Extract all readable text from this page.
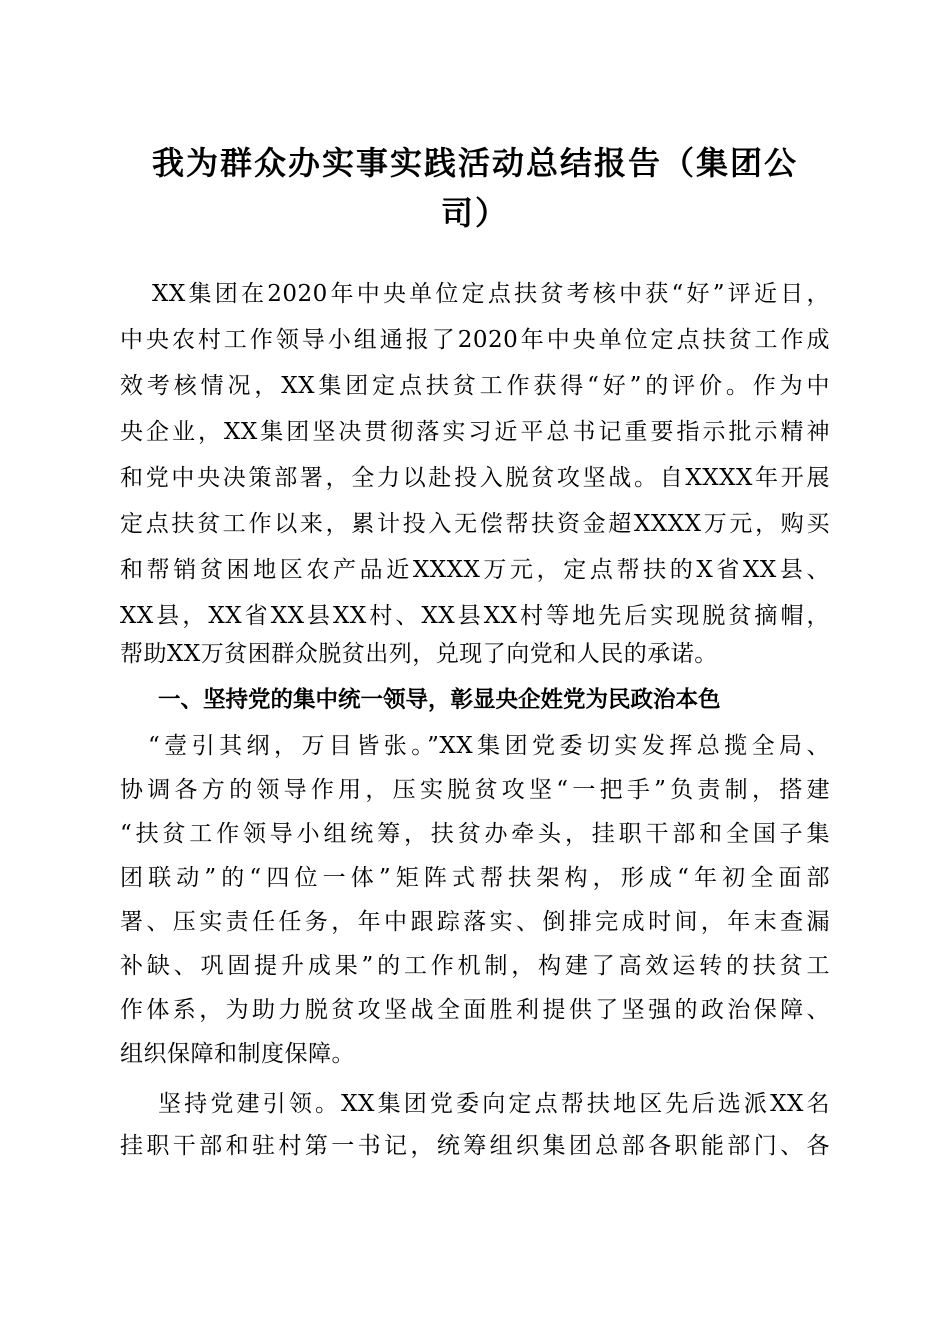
我为群众办实事实践活动总结报告（集团公
司）
XX集团在2020年中央单位定点扶贫考核中获“好”评近日，
中央农村工作领导小组通报了2020年中央单位定点扶贫工作成
效考核情况，XX集团定点扶贫工作获得“好”的评价。作为中
央企业，XX集团坚决贯彻落实习近平总书记重要指示批示精神
和党中央决策部署，全力以赴投入脱贫攻坚战。自XXXX年开展
定点扶贫工作以来，累计投入无偿帮扶资金超XXXX万元，购买
和帮销贫困地区农产品近XXXX万元，定点帮扶的X省XX县、
XX县，XX省XX县XX村、XX县XX村等地先后实现脱贫摘帽，
帮助XX万贫困群众脱贫出列，兑现了向党和人民的承诺。
一、坚持党的集中统一领导，彰显央企姓党为民政治本色
“壹引其纲，万目皆张。”XX集团党委切实发挥总揽全局、
协调各方的领导作用，压实脱贫攻坚“一把手”负责制，搭建
“扶贫工作领导小组统筹，扶贫办牵头，挂职干部和全国子集
团联动”的“四位一体”矩阵式帮扶架构，形成“年初全面部
署、压实责任任务，年中跟踪落实、倒排完成时间，年末查漏
补缺、巩固提升成果”的工作机制，构建了高效运转的扶贫工
作体系，为助力脱贫攻坚战全面胜利提供了坚强的政治保障、
组织保障和制度保障。
坚持党建引领。XX集团党委向定点帮扶地区先后选派XX名
挂职干部和驻村第一书记，统筹组织集团总部各职能部门、各
